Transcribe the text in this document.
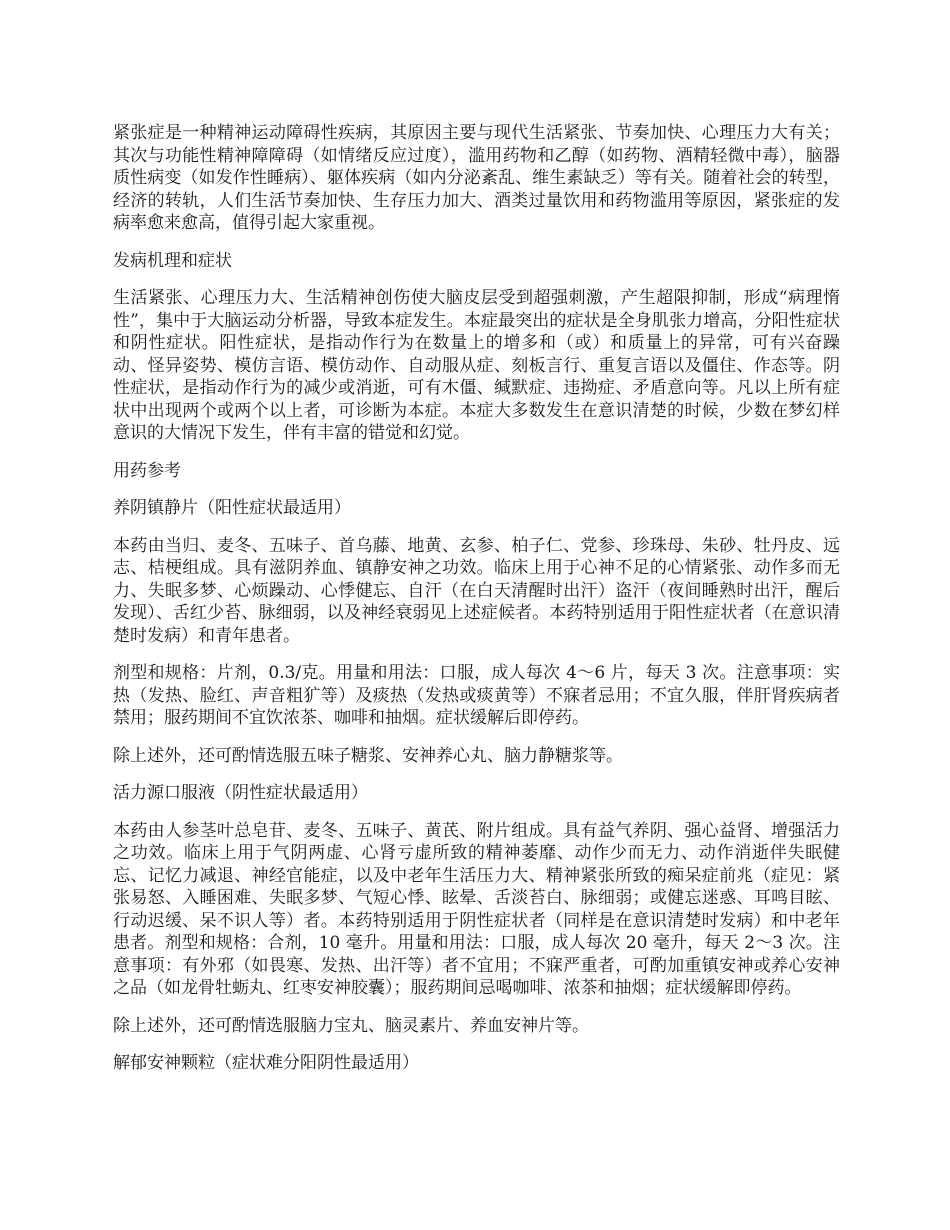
紧张症是一种精神运动障碍性疾病，其原因主要与现代生活紧张、节奏加快、心理压力大有关；其次与功能性精神障障碍（如情绪反应过度），滥用药物和乙醇（如药物、酒精轻微中毒），脑器质性病变（如发作性睡病）、躯体疾病（如内分泌紊乱、维生素缺乏）等有关。随着社会的转型，经济的转轨，人们生活节奏加快、生存压力加大、酒类过量饮用和药物滥用等原因，紧张症的发病率愈来愈高，值得引起大家重视。

发病机理和症状

生活紧张、心理压力大、生活精神创伤使大脑皮层受到超强刺激，产生超限抑制，形成“病理惰性”，集中于大脑运动分析器，导致本症发生。本症最突出的症状是全身肌张力增高，分阳性症状和阴性症状。阳性症状，是指动作行为在数量上的增多和（或）和质量上的异常，可有兴奋躁动、怪异姿势、模仿言语、模仿动作、自动服从症、刻板言行、重复言语以及僵住、作态等。阴性症状，是指动作行为的减少或消逝，可有木僵、缄默症、违拗症、矛盾意向等。凡以上所有症状中出现两个或两个以上者，可诊断为本症。本症大多数发生在意识清楚的时候，少数在梦幻样意识的大情况下发生，伴有丰富的错觉和幻觉。

用药参考

养阴镇静片（阳性症状最适用）

本药由当归、麦冬、五味子、首乌藤、地黄、玄参、柏子仁、党参、珍珠母、朱砂、牡丹皮、远志、桔梗组成。具有滋阴养血、镇静安神之功效。临床上用于心神不足的心情紧张、动作多而无力、失眠多梦、心烦躁动、心悸健忘、自汗（在白天清醒时出汗）盗汗（夜间睡熟时出汗，醒后发现）、舌红少苔、脉细弱，以及神经衰弱见上述症候者。本药特别适用于阳性症状者（在意识清楚时发病）和青年患者。

剂型和规格：片剂，0.3/克。用量和用法：口服，成人每次 4～6 片，每天 3 次。注意事项：实热（发热、脸红、声音粗犷等）及痰热（发热或痰黄等）不寐者忌用；不宜久服，伴肝肾疾病者禁用；服药期间不宜饮浓茶、咖啡和抽烟。症状缓解后即停药。

除上述外，还可酌情选服五味子糖浆、安神养心丸、脑力静糖浆等。

活力源口服液（阴性症状最适用）

本药由人参茎叶总皂苷、麦冬、五味子、黄芪、附片组成。具有益气养阴、强心益肾、增强活力之功效。临床上用于气阴两虚、心肾亏虚所致的精神萎靡、动作少而无力、动作消逝伴失眠健忘、记忆力减退、神经官能症，以及中老年生活压力大、精神紧张所致的痴呆症前兆（症见：紧张易怒、入睡困难、失眠多梦、气短心悸、眩晕、舌淡苔白、脉细弱；或健忘迷惑、耳鸣目眩、行动迟缓、呆不识人等）者。本药特别适用于阴性症状者（同样是在意识清楚时发病）和中老年患者。剂型和规格：合剂，10 毫升。用量和用法：口服，成人每次 20 毫升，每天 2～3 次。注意事项：有外邪（如畏寒、发热、出汗等）者不宜用；不寐严重者，可酌加重镇安神或养心安神之品（如龙骨牡蛎丸、红枣安神胶囊）；服药期间忌喝咖啡、浓茶和抽烟；症状缓解即停药。

除上述外，还可酌情选服脑力宝丸、脑灵素片、养血安神片等。

解郁安神颗粒（症状难分阳阴性最适用）
